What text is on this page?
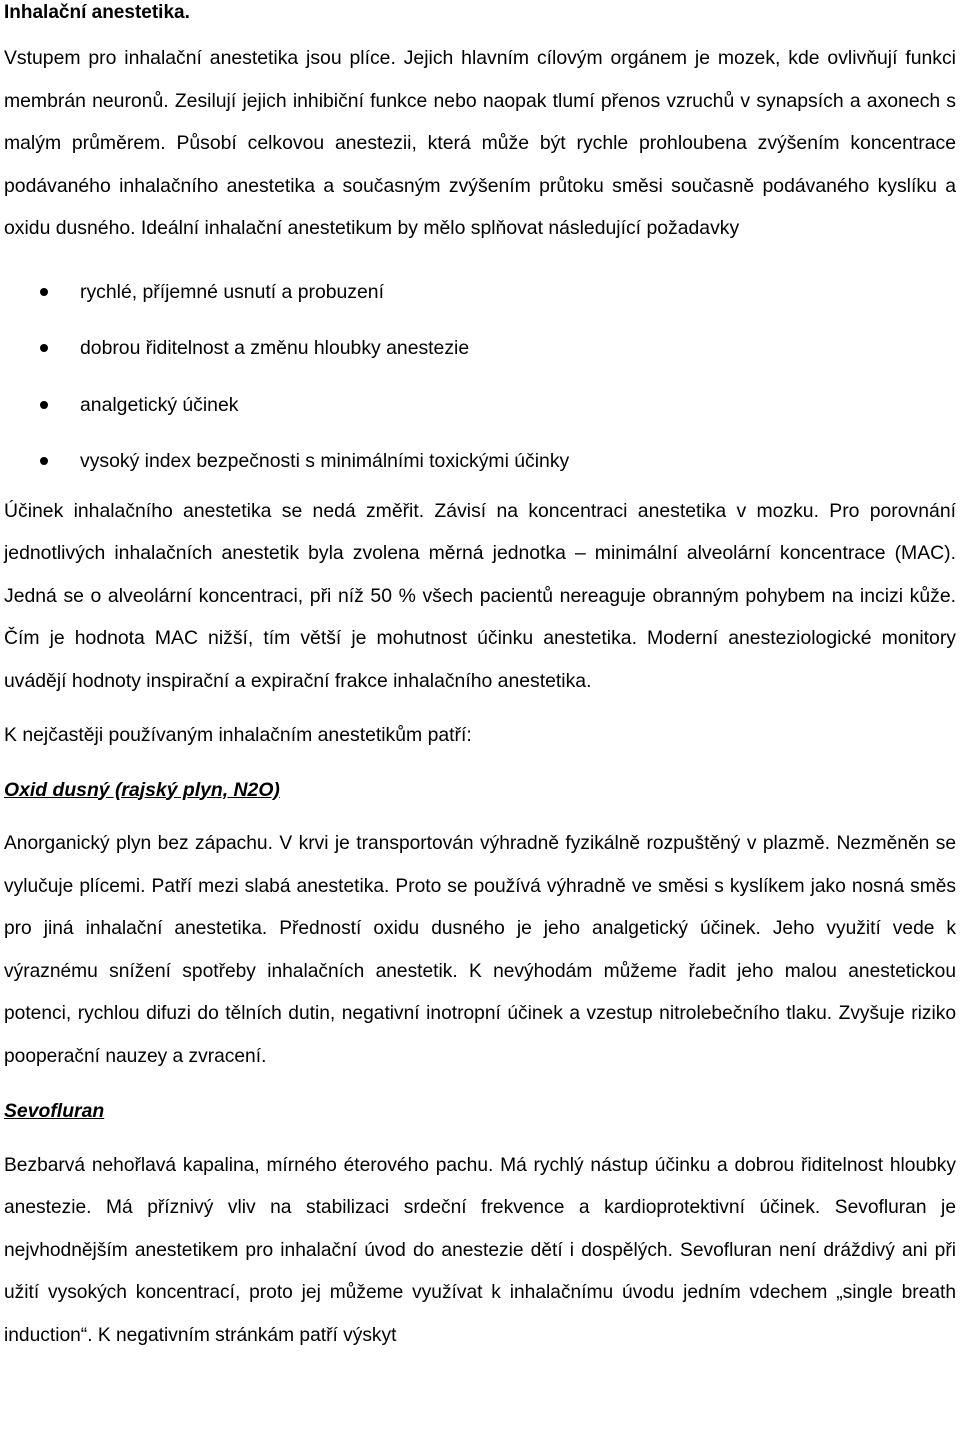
Inhalační anestetika.

Vstupem pro inhalační anestetika jsou plíce. Jejich hlavním cílovým orgánem je mozek, kde ovlivňují funkci membrán neuronů. Zesilují jejich inhibiční funkce nebo naopak tlumí přenos vzruchů v synapsích a axonech s malým průměrem. Působí celkovou anestezii, která může být rychle prohloubena zvýšením koncentrace podávaného inhalačního anestetika a současným zvýšením průtoku směsi současně podávaného kyslíku a oxidu dusného. Ideální inhalační anestetikum by mělo splňovat následující požadavky

rychlé, příjemné usnutí a probuzení
dobrou řiditelnost a změnu hloubky anestezie
analgetický účinek
vysoký index bezpečnosti s minimálními toxickými účinky

Účinek inhalačního anestetika se nedá změřit. Závisí na koncentraci anestetika v mozku. Pro porovnání jednotlivých inhalačních anestetik byla zvolena měrná jednotka – minimální alveolární koncentrace (MAC). Jedná se o alveolární koncentraci, při níž 50 % všech pacientů nereaguje obranným pohybem na incizi kůže. Čím je hodnota MAC nižší, tím větší je mohutnost účinku anestetika. Moderní anesteziologické monitory uvádějí hodnoty inspirační a expirační frakce inhalačního anestetika.

K nejčastěji používaným inhalačním anestetikům patří:

Oxid dusný (rajský plyn, N2O)

Anorganický plyn bez zápachu. V krvi je transportován výhradně fyzikálně rozpuštěný v plazmě. Nezměněn se vylučuje plícemi. Patří mezi slabá anestetika. Proto se používá výhradně ve směsi s kyslíkem jako nosná směs pro jiná inhalační anestetika. Předností oxidu dusného je jeho analgetický účinek. Jeho využití vede k výraznému snížení spotřeby inhalačních anestetik. K nevýhodám můžeme řadit jeho malou anestetickou potenci, rychlou difuzi do tělních dutin, negativní inotropní účinek a vzestup nitrolebečního tlaku. Zvyšuje riziko pooperační nauzey a zvracení.

Sevofluran

Bezbarvá nehořlavá kapalina, mírného éterového pachu. Má rychlý nástup účinku a dobrou řiditelnost hloubky anestezie. Má příznivý vliv na stabilizaci srdeční frekvence a kardioprotektivní účinek. Sevofluran je nejvhodnějším anestetikem pro inhalační úvod do anestezie dětí i dospělých. Sevofluran není dráždivý ani při užití vysokých koncentrací, proto jej můžeme využívat k inhalačnímu úvodu jedním vdechem „single breath induction“. K negativním stránkám patří výskyt
